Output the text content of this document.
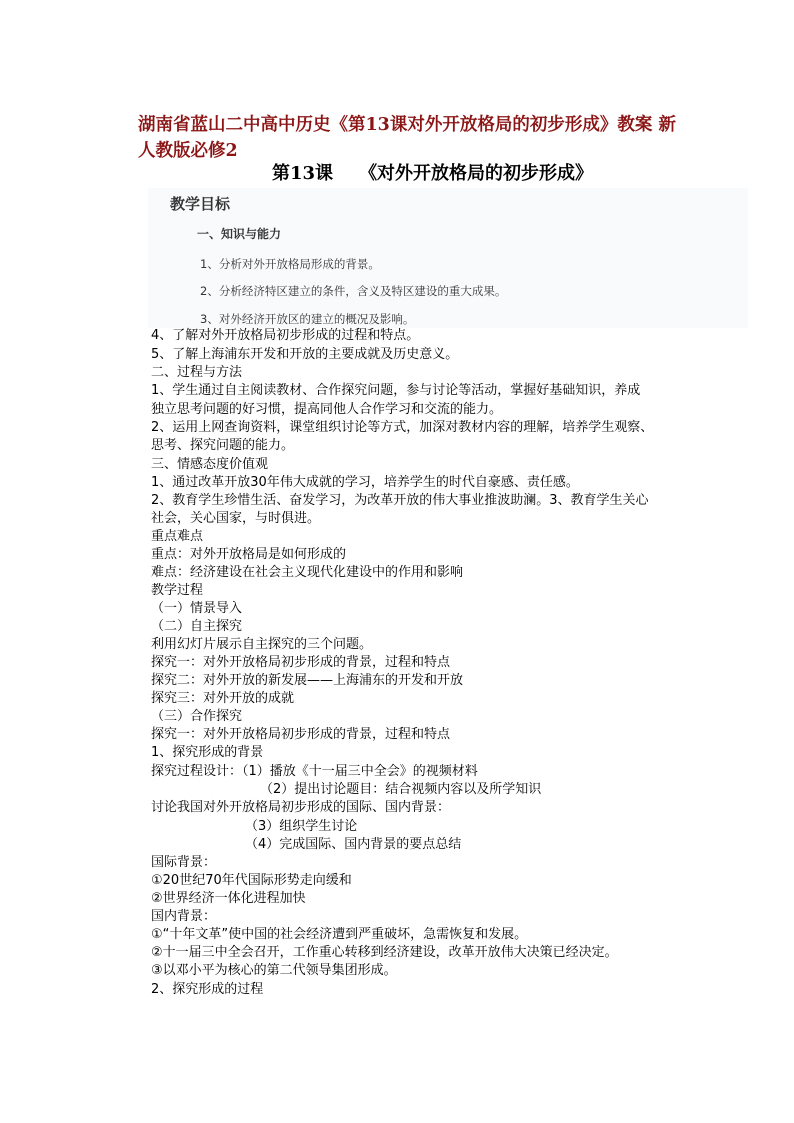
湖南省蓝山二中高中历史《第13课对外开放格局的初步形成》教案 新人教版必修2
第13课 《对外开放格局的初步形成》
教学目标
一、知识与能力
1、分析对外开放格局形成的背景。
2、分析经济特区建立的条件，含义及特区建设的重大成果。
3、对外经济开放区的建立的概况及影响。
4、了解对外开放格局初步形成的过程和特点。
5、了解上海浦东开发和开放的主要成就及历史意义。
二、过程与方法
1、学生通过自主阅读教材、合作探究问题，参与讨论等活动，掌握好基础知识，养成
独立思考问题的好习惯，提高同他人合作学习和交流的能力。
2、运用上网查询资料，课堂组织讨论等方式，加深对教材内容的理解，培养学生观察、
思考、探究问题的能力。
三、情感态度价值观
1、通过改革开放30年伟大成就的学习，培养学生的时代自豪感、责任感。
2、教育学生珍惜生活、奋发学习，为改革开放的伟大事业推波助澜。3、教育学生关心
社会，关心国家，与时俱进。
重点难点
重点：对外开放格局是如何形成的
难点：经济建设在社会主义现代化建设中的作用和影响
教学过程
（一）情景导入
（二）自主探究
利用幻灯片展示自主探究的三个问题。
探究一：对外开放格局初步形成的背景，过程和特点
探究二：对外开放的新发展——上海浦东的开发和开放
探究三：对外开放的成就
（三）合作探究
探究一：对外开放格局初步形成的背景，过程和特点
1、探究形成的背景
探究过程设计：（1）播放《十一届三中全会》的视频材料
（2）提出讨论题目：结合视频内容以及所学知识
讨论我国对外开放格局初步形成的国际、国内背景：
（3）组织学生讨论
（4）完成国际、国内背景的要点总结
国际背景：
①20世纪70年代国际形势走向缓和
②世界经济一体化进程加快
国内背景：
①“十年文革”使中国的社会经济遭到严重破坏，急需恢复和发展。
②十一届三中全会召开，工作重心转移到经济建设，改革开放伟大决策已经决定。
③以邓小平为核心的第二代领导集团形成。
2、探究形成的过程
